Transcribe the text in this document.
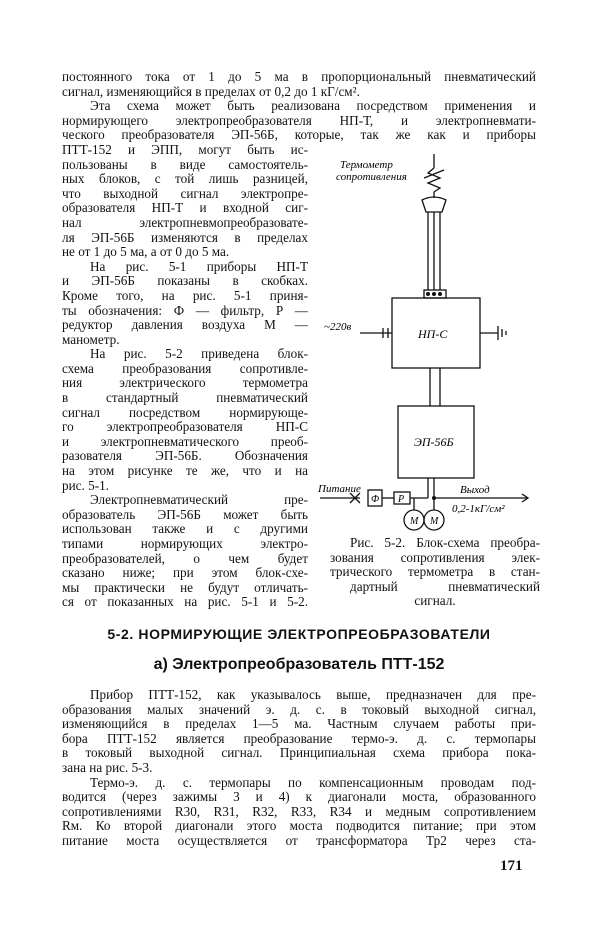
постоянного тока от 1 до 5 ма в пропорциональный пневматический
сигнал, изменяющийся в пределах от 0,2 до 1 кГ/см².
Эта схема может быть реализована посредством применения и
нормирующего электропреобразователя НП-Т, и электропневмати-
ческого преобразователя ЭП-56Б, которые, так же как и приборы
ПТТ-152 и ЭПП, могут быть ис-
пользованы в виде самостоятель-
ных блоков, с той лишь разницей,
что выходной сигнал электропре-
образователя НП-Т и входной сиг-
нал электропневмопреобразовате-
ля ЭП-56Б изменяются в пределах
не от 1 до 5 ма, а от 0 до 5 ма.
На рис. 5-1 приборы НП-Т
и ЭП-56Б показаны в скобках.
Кроме того, на рис. 5-1 приня-
ты обозначения: Ф — фильтр, Р —
редуктор давления воздуха М —
манометр.
На рис. 5-2 приведена блок-
схема преобразования сопротивле-
ния электрического термометра
в стандартный пневматический
сигнал посредством нормирующе-
го электропреобразователя НП-С
и электропневматического преоб-
разователя ЭП-56Б. Обозначения
на этом рисунке те же, что и на
рис. 5-1.
Электропневматический пре-
образователь ЭП-56Б может быть
использован также и с другими
типами нормирующих электро-
преобразователей, о чем будет
сказано ниже; при этом блок-схе-
мы практически не будут отличать-
ся от показанных на рис. 5-1 и 5-2.
Термометр
сопротивления
~220в	НП-С
ЭП-56Б
Питание
Ф Р
М М
Выход
0,2-1кГ/см²
Рис. 5-2. Блок-схема преобра-
зования сопротивления элек-
трического термометра в стан-
дартный пневматический
сигнал.
5-2. НОРМИРУЮЩИЕ ЭЛЕКТРОПРЕОБРАЗОВАТЕЛИ
а) Электропреобразователь ПТТ-152
Прибор ПТТ-152, как указывалось выше, предназначен для пре-
образования малых значений э. д. с. в токовый выходной сигнал,
изменяющийся в пределах 1—5 ма. Частным случаем работы при-
бора ПТТ-152 является преобразование термо-э. д. с. термопары
в токовый выходной сигнал. Принципиальная схема прибора пока-
зана на рис. 5-3.
Термо-э. д. с. термопары по компенсационным проводам под-
водится (через зажимы 3 и 4) к диагонали моста, образованного
сопротивлениями R30, R31, R32, R33, R34 и медным сопротивлением
Rм. Ко второй диагонали этого моста подводится питание; при этом
питание моста осуществляется от трансформатора Тр2 через ста-
171
